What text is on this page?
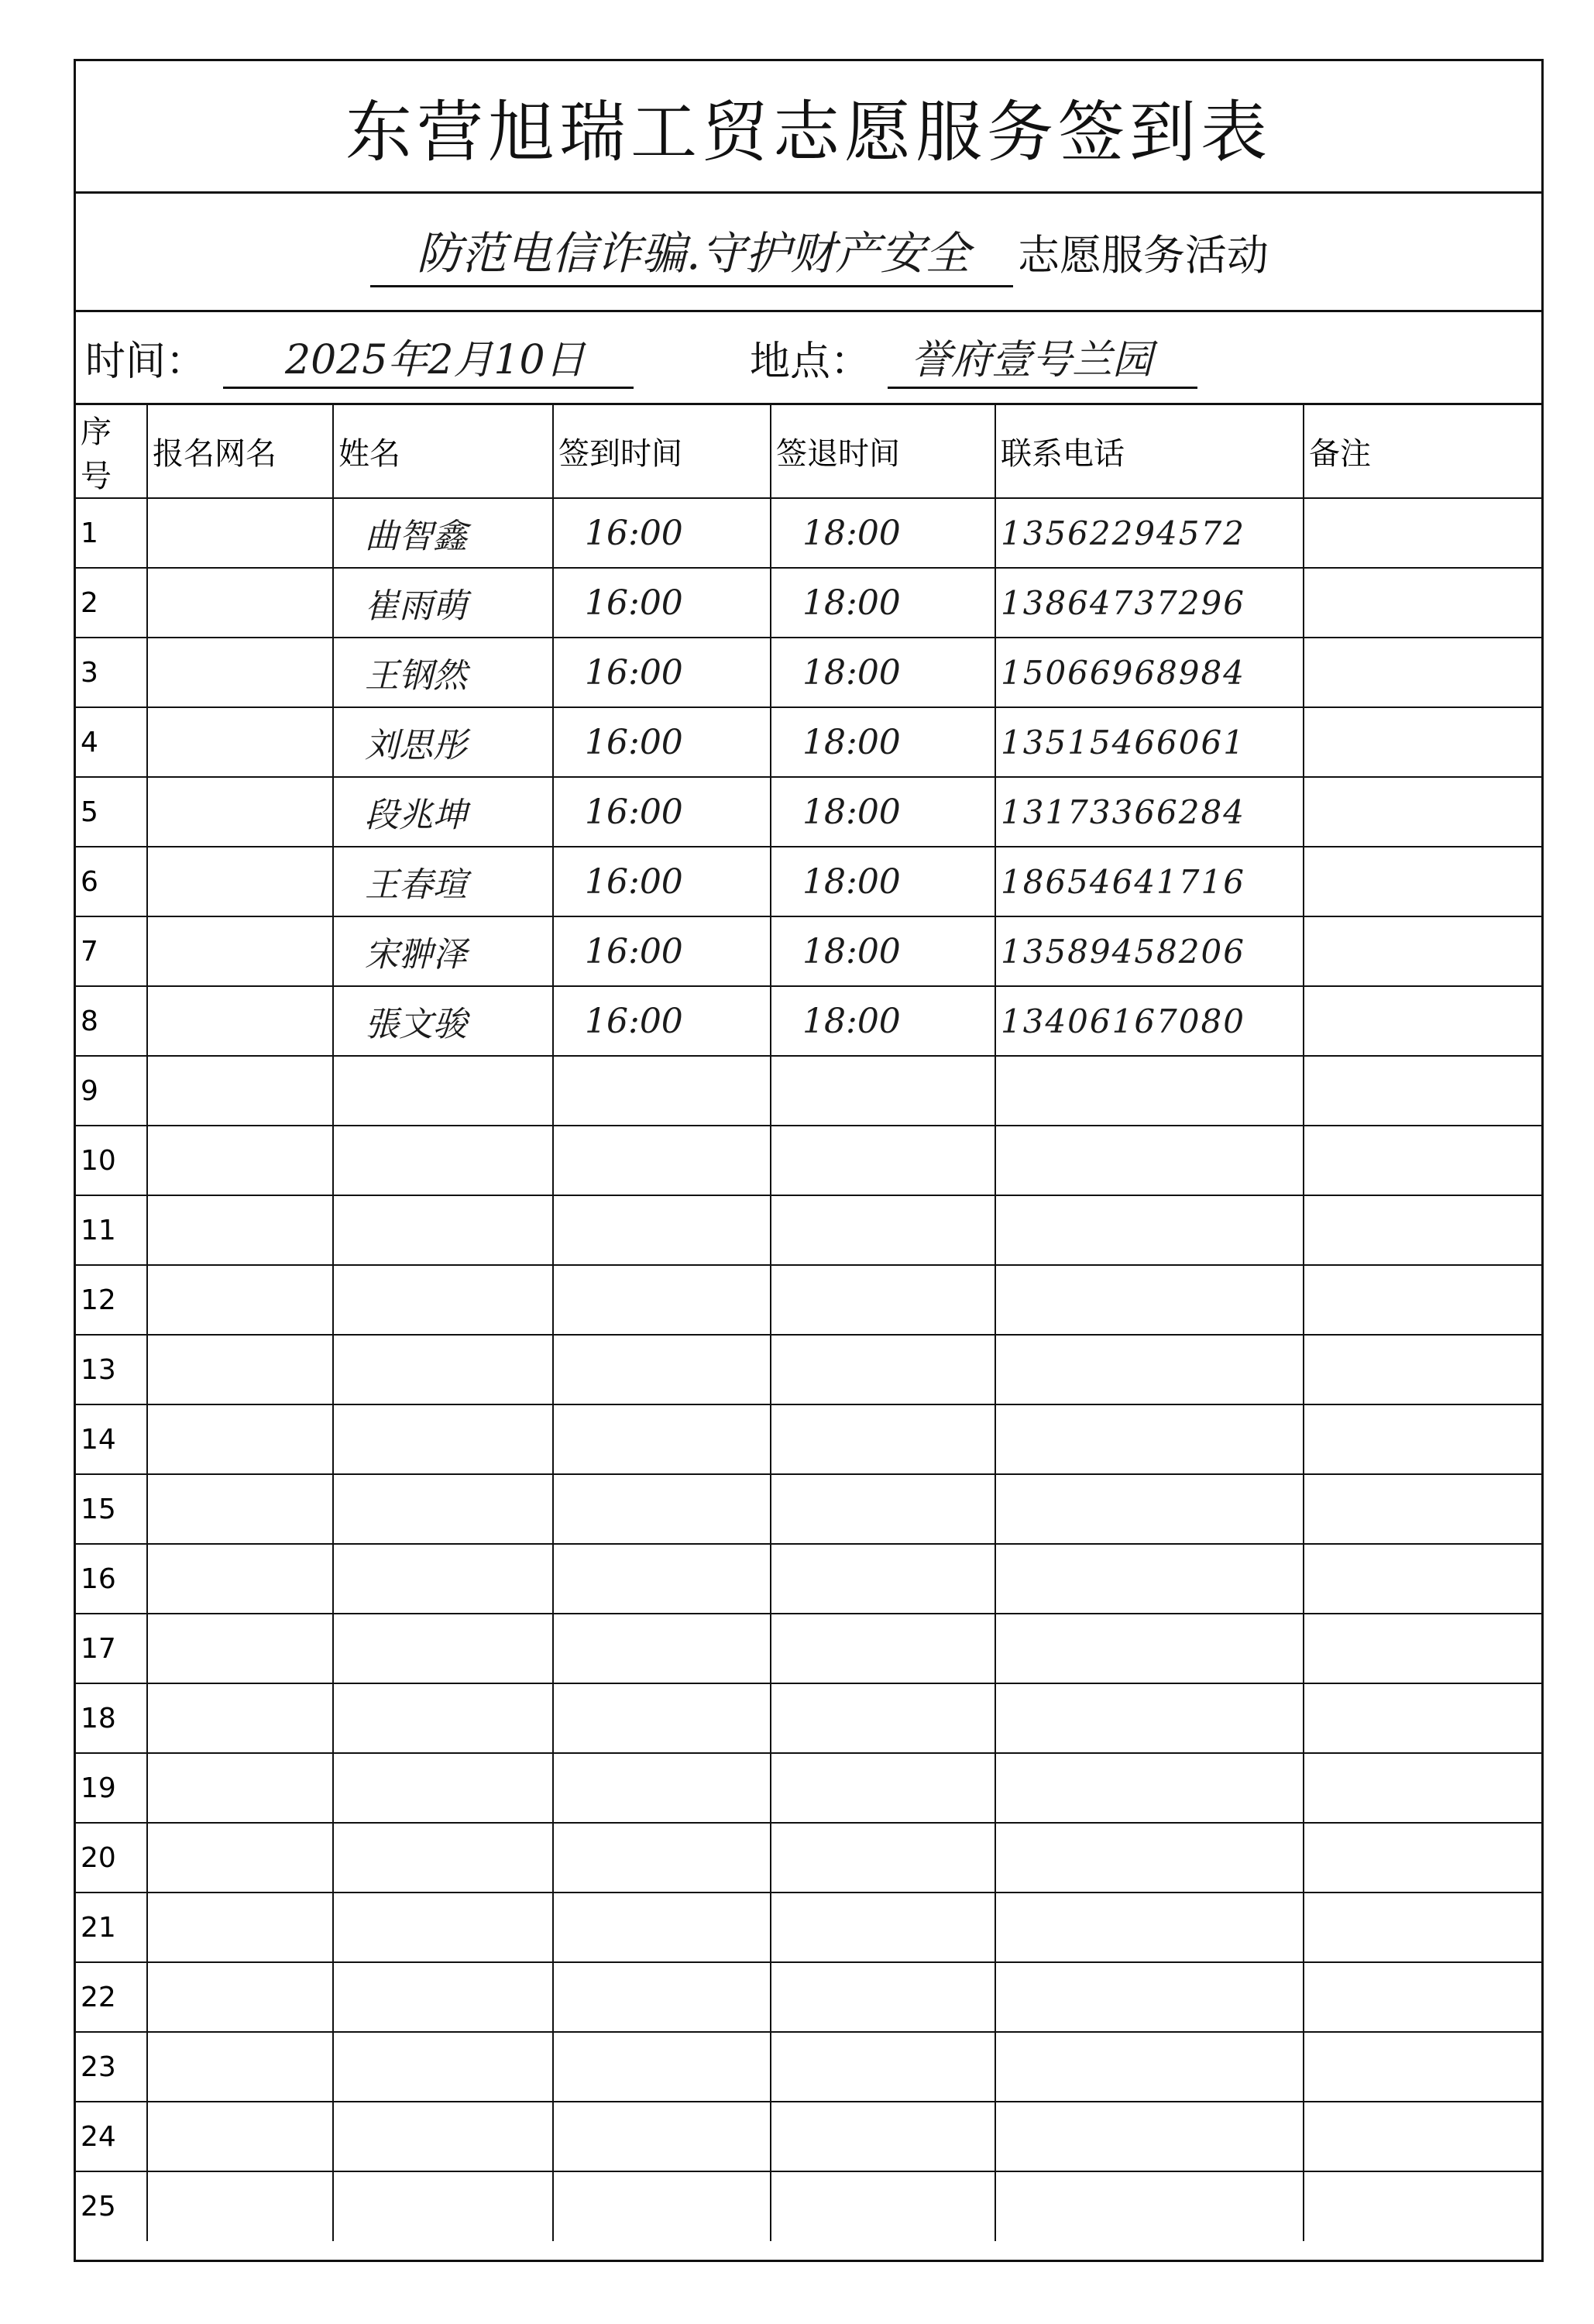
东营旭瑞工贸志愿服务签到表
防范电信诈骗.守护财产安全	志愿服务活动
时间：	2025年2月10日	地点：	誉府壹号兰园
序号	报名网名	姓名	签到时间	签退时间	联系电话	备注
1		曲智鑫	16:00	18:00	13562294572	
2		崔雨萌	16:00	18:00	13864737296	
3		王钢然	16:00	18:00	15066968984	
4		刘思彤	16:00	18:00	13515466061	
5		段兆坤	16:00	18:00	13173366284	
6		王春瑄	16:00	18:00	18654641716	
7		宋翀泽	16:00	18:00	13589458206	
8		張文骏	16:00	18:00	13406167080	
9						
10						
11						
12						
13						
14						
15						
16						
17						
18						
19						
20						
21						
22						
23						
24						
25						
